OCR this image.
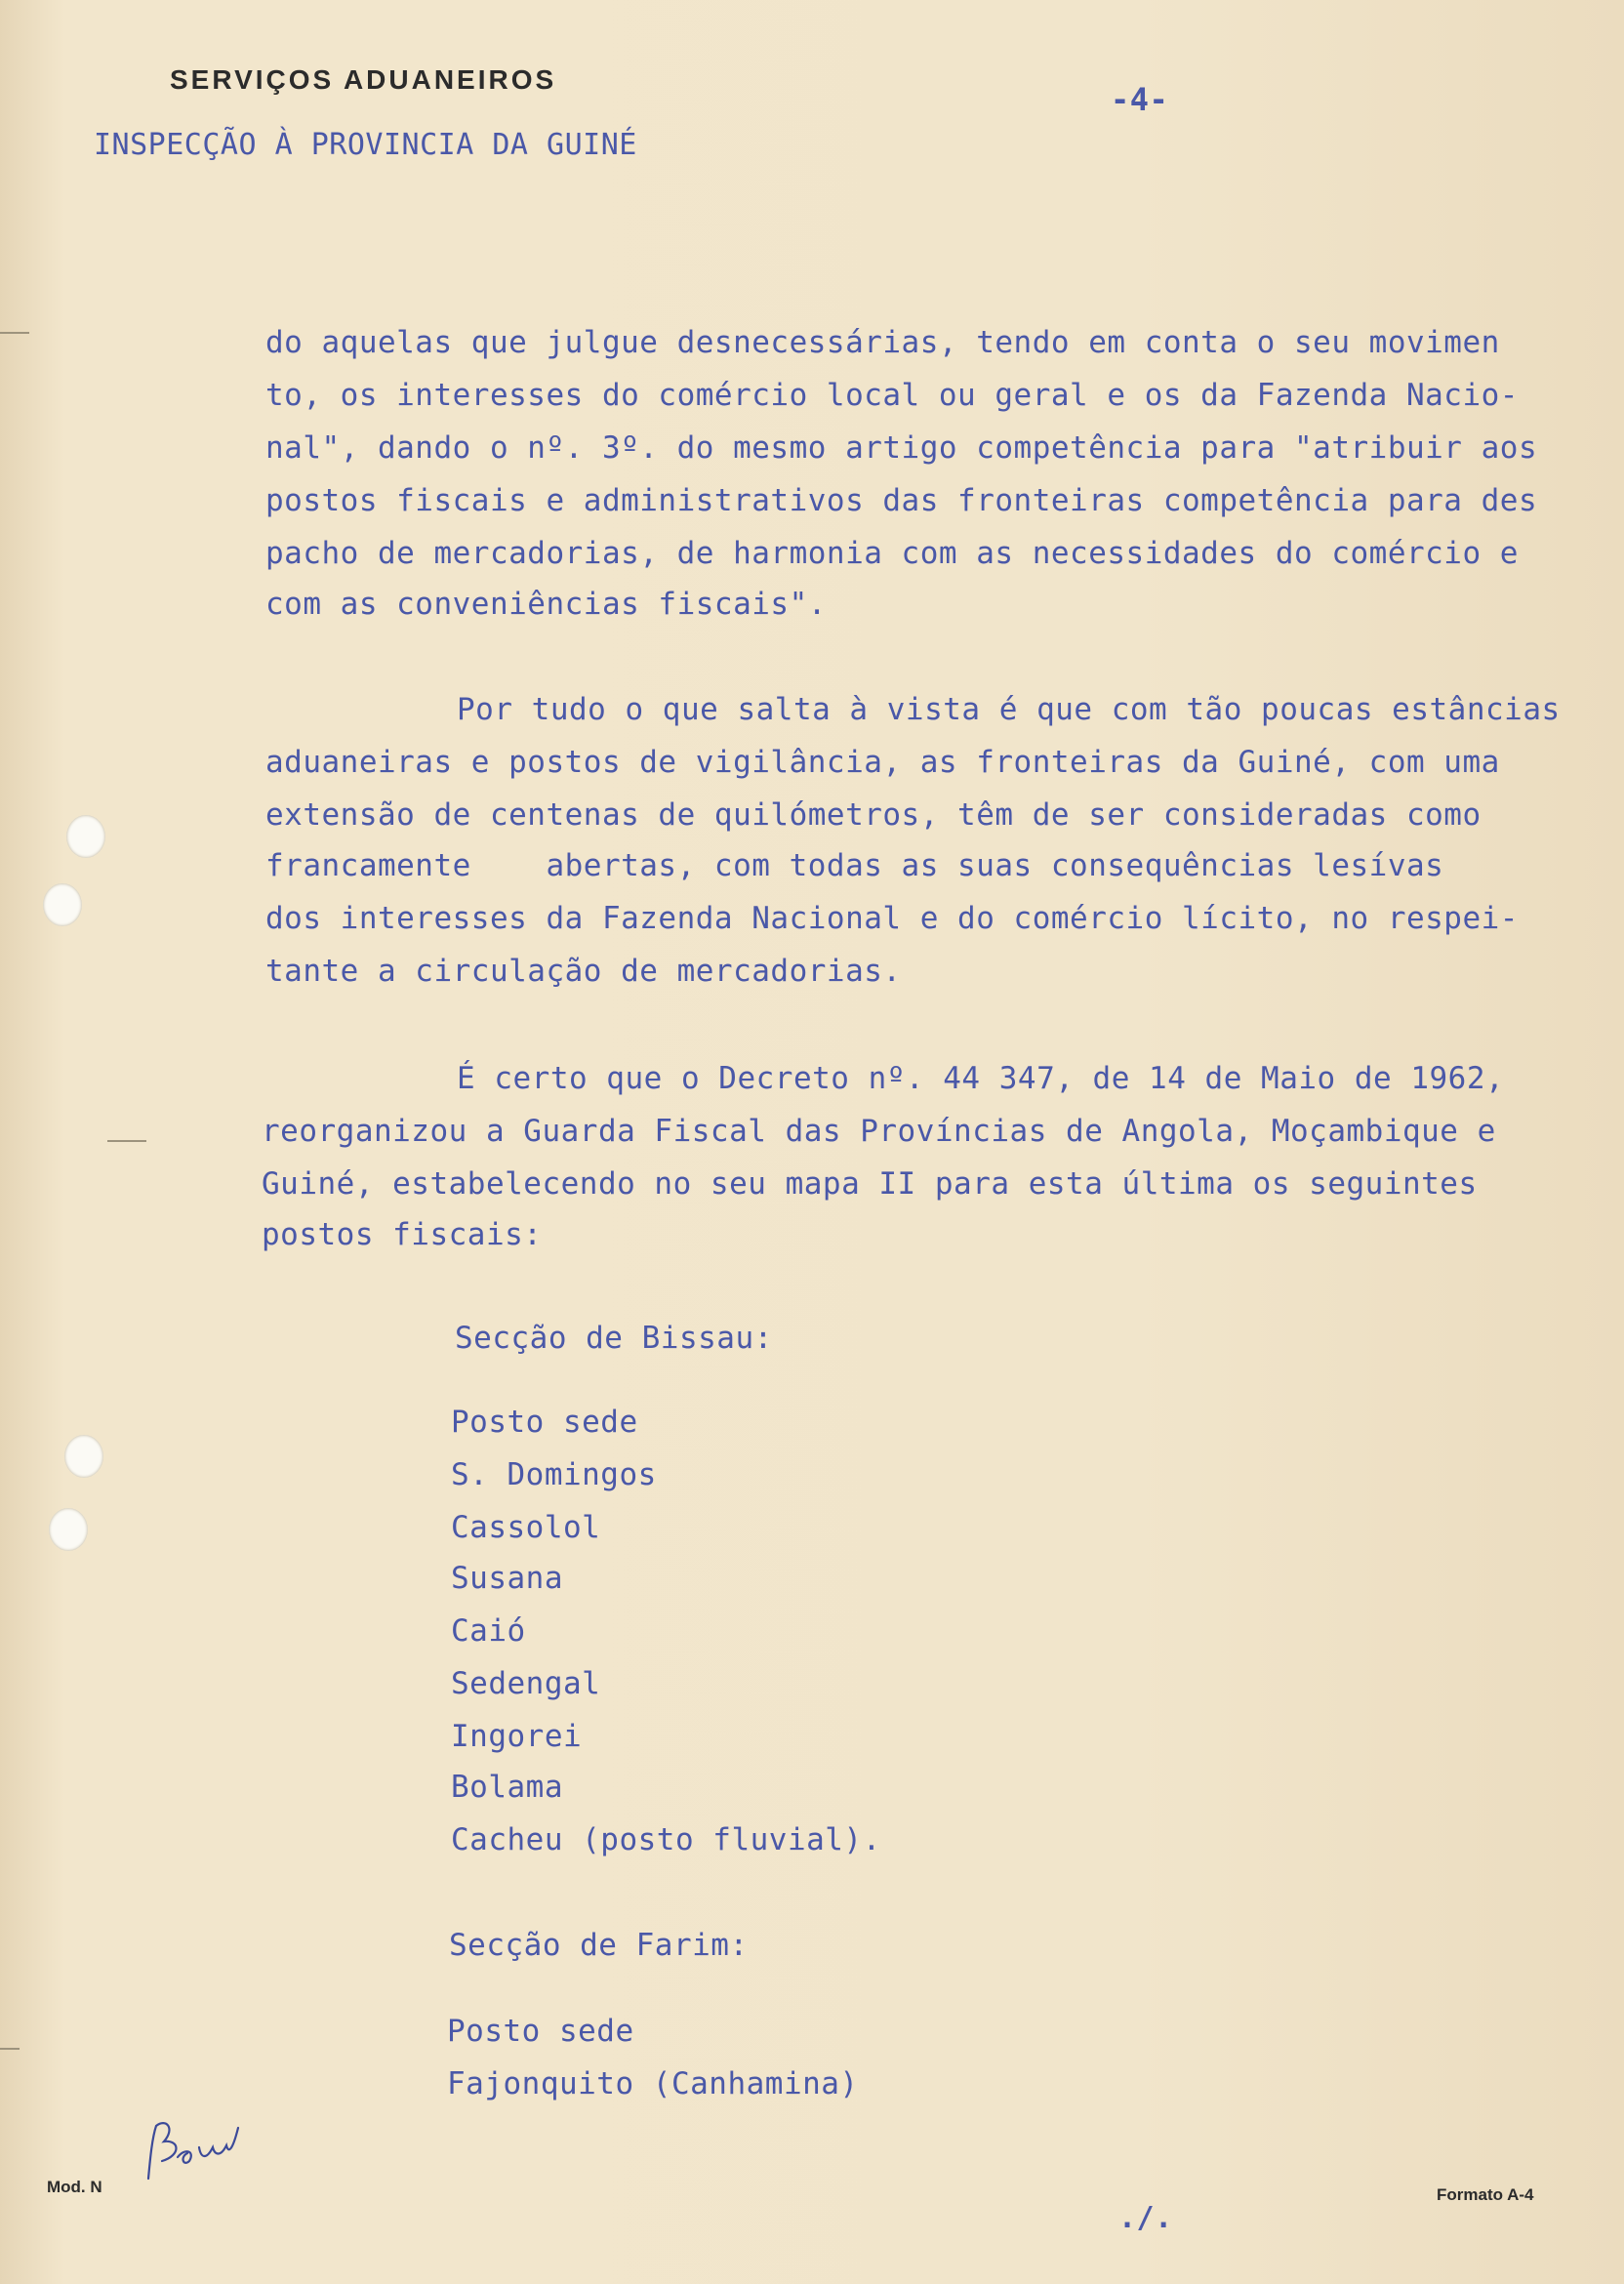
SERVIÇOS ADUANEIROS
INSPECÇÃO À PROVINCIA DA GUINÉ
-4-
do aquelas que julgue desnecessárias, tendo em conta o seu movimen
to, os interesses do comércio local ou geral e os da Fazenda Nacio-
nal", dando o nº. 3º. do mesmo artigo competência para "atribuir aos
postos fiscais e administrativos das fronteiras competência para des
pacho de mercadorias, de harmonia com as necessidades do comércio e
com as conveniências fiscais".
Por tudo o que salta à vista é que com tão poucas estâncias
aduaneiras e postos de vigilância, as fronteiras da Guiné, com uma
extensão de centenas de quilómetros, têm de ser consideradas como
francamente    abertas, com todas as suas consequências lesívas
dos interesses da Fazenda Nacional e do comércio lícito, no respei-
tante a circulação de mercadorias.
É certo que o Decreto nº. 44 347, de 14 de Maio de 1962,
reorganizou a Guarda Fiscal das Províncias de Angola, Moçambique e
Guiné, estabelecendo no seu mapa II para esta última os seguintes
postos fiscais:
Secção de Bissau:
Posto sede
S. Domingos
Cassolol
Susana
Caió
Sedengal
Ingorei
Bolama
Cacheu (posto fluvial).
Secção de Farim:
Posto sede
Fajonquito (Canhamina)
Mod. N
./.
Formato A-4
